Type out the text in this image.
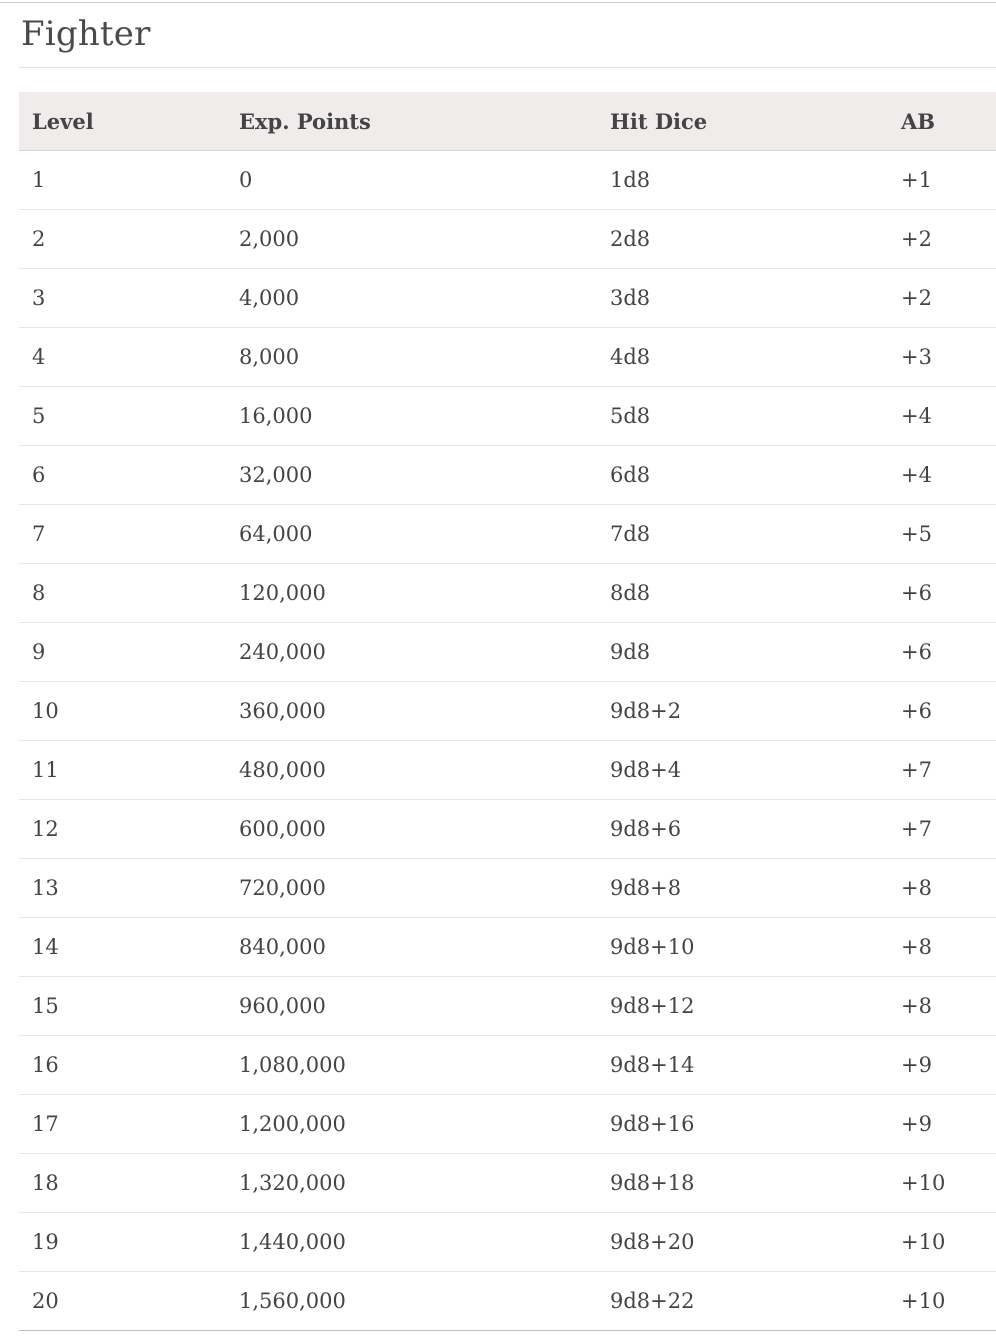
Fighter
Level	Exp. Points	Hit Dice	AB
1	0	1d8	+1
2	2,000	2d8	+2
3	4,000	3d8	+2
4	8,000	4d8	+3
5	16,000	5d8	+4
6	32,000	6d8	+4
7	64,000	7d8	+5
8	120,000	8d8	+6
9	240,000	9d8	+6
10	360,000	9d8+2	+6
11	480,000	9d8+4	+7
12	600,000	9d8+6	+7
13	720,000	9d8+8	+8
14	840,000	9d8+10	+8
15	960,000	9d8+12	+8
16	1,080,000	9d8+14	+9
17	1,200,000	9d8+16	+9
18	1,320,000	9d8+18	+10
19	1,440,000	9d8+20	+10
20	1,560,000	9d8+22	+10
